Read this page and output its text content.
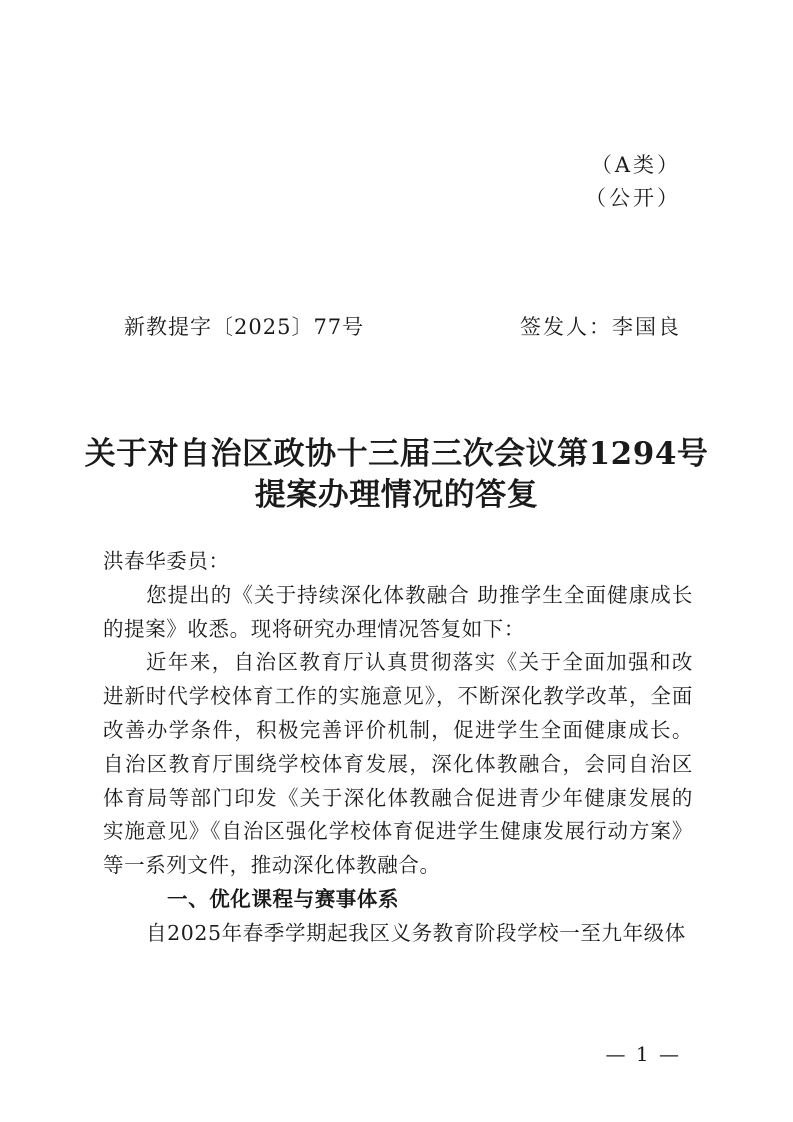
（A类）
（公开）
新教提字〔2025〕77号	签发人：李国良
关于对自治区政协十三届三次会议第1294号
提案办理情况的答复

洪春华委员：

您提出的《关于持续深化体教融合 助推学生全面健康成长的提案》收悉。现将研究办理情况答复如下：

近年来，自治区教育厅认真贯彻落实《关于全面加强和改进新时代学校体育工作的实施意见》，不断深化教学改革，全面改善办学条件，积极完善评价机制，促进学生全面健康成长。自治区教育厅围绕学校体育发展，深化体教融合，会同自治区体育局等部门印发《关于深化体教融合促进青少年健康发展的实施意见》《自治区强化学校体育促进学生健康发展行动方案》等一系列文件，推动深化体教融合。

一、优化课程与赛事体系

自2025年春季学期起我区义务教育阶段学校一至九年级体

— 1 —
